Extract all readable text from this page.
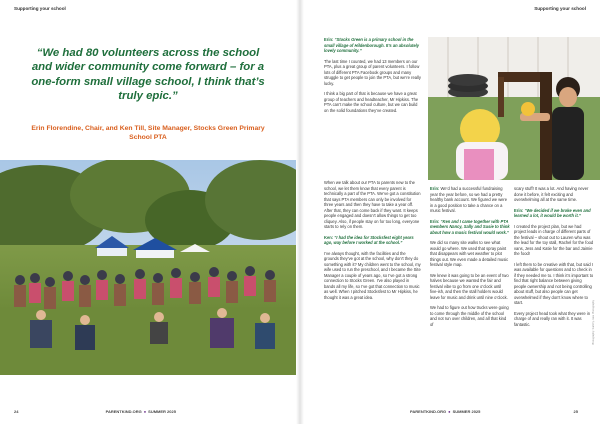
Supporting your school
“We had 80 volunteers across the school and wider community come forward – for a one-form small village school, I think that’s truly epic.”
Erin Florendine, Chair, and Ken Till, Site Manager, Stocks Green Primary School PTA
24	PARENTKIND.ORG ● SUMMER 2025
Supporting your school

Erin: “Stocks Green is a primary school in the small village of Hildenborough. It’s an absolutely lovely community.”

The last time I counted, we had 13 members on our PTA, plus a great group of parent volunteers. I follow lots of different PTA Facebook groups and many struggle to get people to join the PTA, but we’re really lucky.

I think a big part of that is because we have a great group of teachers and headteacher, Mr Hipkiss. The PTA can’t make the school culture, but we can build on the solid foundations they’ve created.

When we talk about our PTA to parents new to the school, we let them know that every parent is technically a part of the PTA. We’ve got a constitution that says PTA members can only be involved for three years and then they have to take a year off. After that, they can come back if they want. It keeps people engaged and doesn’t allow things to get too cliquey. Also, if people stay on for too long, everyone starts to rely on them.

Ken: “I had the idea for Stocksfest eight years ago, way before I worked at the school.”

I’ve always thought, with the facilities and the grounds they’ve got at the school, why don’t they do something with it? My children went to the school, my wife used to run the preschool, and I became the Site Manager a couple of years ago, so I’ve got a strong connection to Stocks Green. I’ve also played in bands all my life, so I’ve got that connection to music as well. When I pitched Stocksfest to Mr Hipkiss, he thought it was a great idea.

Erin: We’d had a successful fundraising year the year before, so we had a pretty healthy bank account. We figured we were in a good position to take a chance on a music festival.

Erin: “Ken and I came together with PTA members Nancy, Sally and Susie to think about how a music festival would work.”

We did so many site walks to see what would go where. We used that spray paint that disappears with wet weather to plot things out. We even made a detailed music festival style map.

We knew it was going to be an event of two halves because we wanted the fair and festival vibe to go from one o’clock until five-ish, and then the stall holders would leave for music and drink until nine o’clock.

We had to figure out how trucks were going to come through the middle of the school and not run over children, and all that kind of

scary stuff! It was a lot. And having never done it before, it felt exciting and overwhelming all at the same time.

Erin: “We decided if we broke even and learned a lot, it would be worth it.”

I created the project plan, but we had project leads in charge of different parts of the festival – shout out to Lauren who was the lead for the toy stall, Rachel for the food vans, Jess and Katie for the bar and Jaimie the food!

I left them to be creative with that, but said I was available for questions and to check in if they needed me to. I think it’s important to find that right balance between giving people ownership and not being controlling about stuff, but also people can get overwhelmed if they don’t know where to start.

Every project head took what they were in charge of and really ran with it. It was fantastic.

PARENTKIND.ORG ● SUMMER 2025	25
Photography: Sammy Jane Photography
